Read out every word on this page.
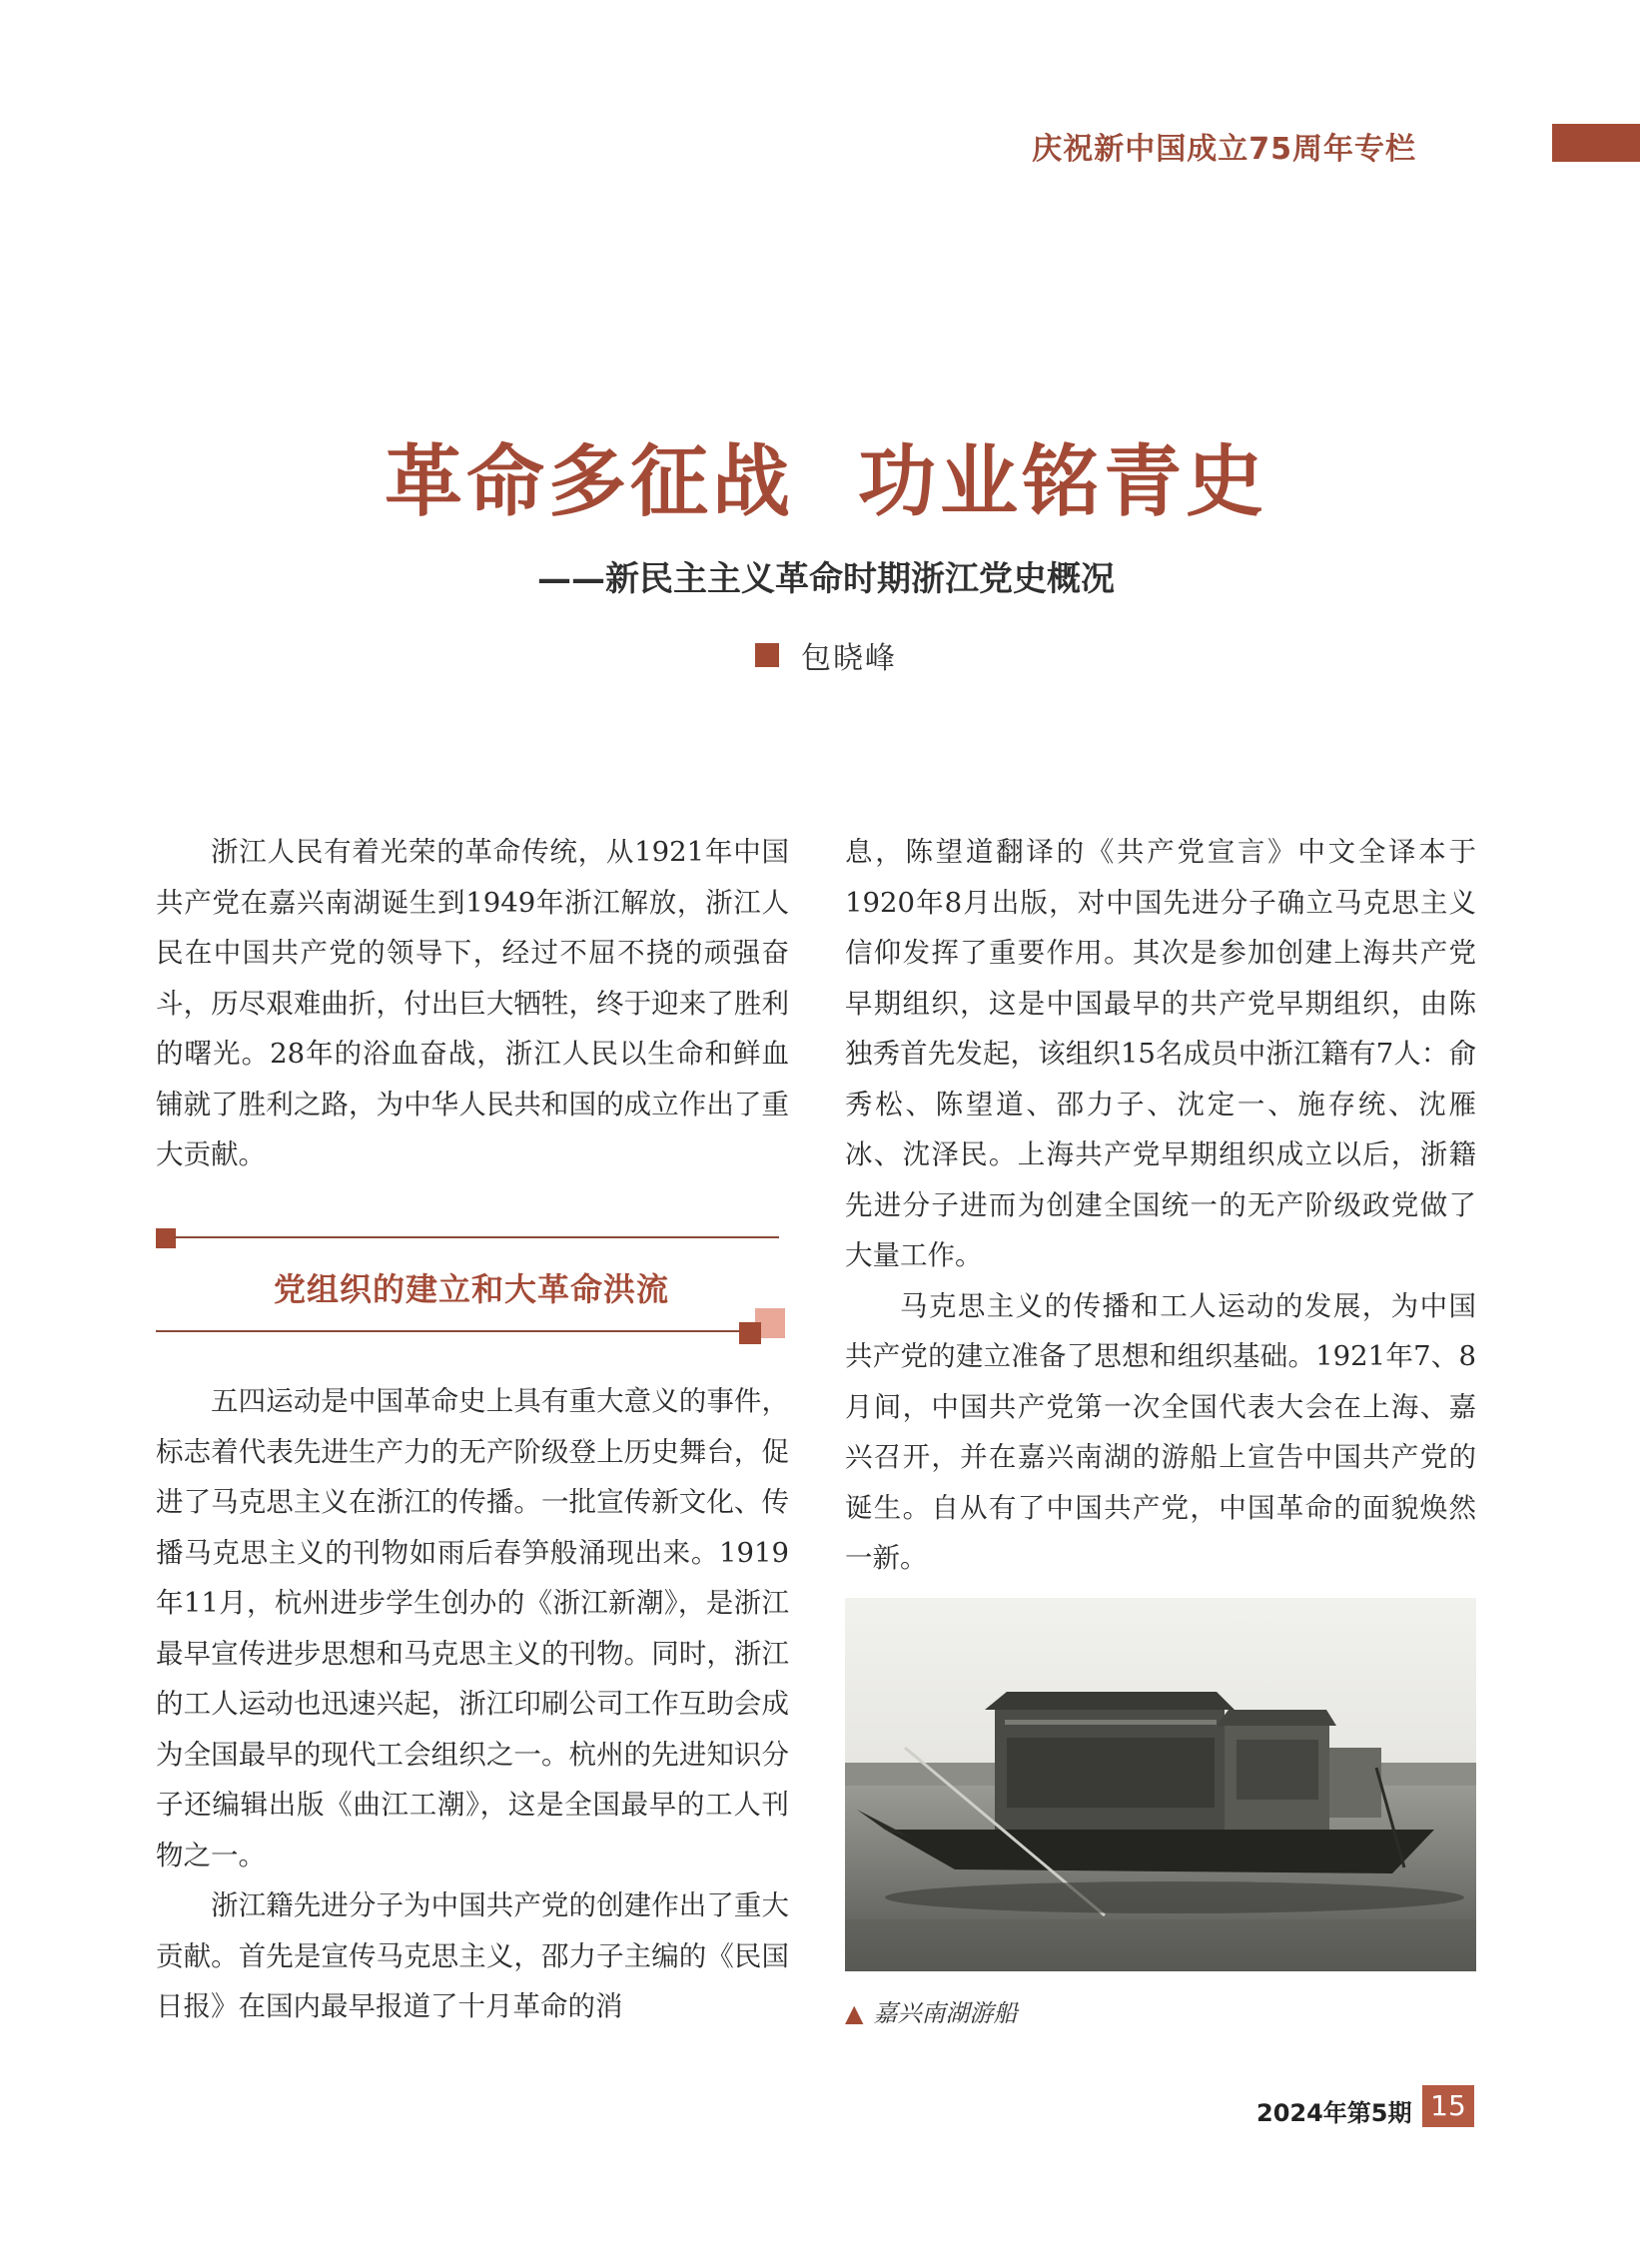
庆祝新中国成立75周年专栏
革命多征战 功业铭青史
——新民主主义革命时期浙江党史概况
包晓峰

浙江人民有着光荣的革命传统，从1921年中国共产党在嘉兴南湖诞生到1949年浙江解放，浙江人民在中国共产党的领导下，经过不屈不挠的顽强奋斗，历尽艰难曲折，付出巨大牺牲，终于迎来了胜利的曙光。28年的浴血奋战，浙江人民以生命和鲜血铺就了胜利之路，为中华人民共和国的成立作出了重大贡献。

党组织的建立和大革命洪流

五四运动是中国革命史上具有重大意义的事件，标志着代表先进生产力的无产阶级登上历史舞台，促进了马克思主义在浙江的传播。一批宣传新文化、传播马克思主义的刊物如雨后春笋般涌现出来。1919年11月，杭州进步学生创办的《浙江新潮》，是浙江最早宣传进步思想和马克思主义的刊物。同时，浙江的工人运动也迅速兴起，浙江印刷公司工作互助会成为全国最早的现代工会组织之一。杭州的先进知识分子还编辑出版《曲江工潮》，这是全国最早的工人刊物之一。

浙江籍先进分子为中国共产党的创建作出了重大贡献。首先是宣传马克思主义，邵力子主编的《民国日报》在国内最早报道了十月革命的消

息，陈望道翻译的《共产党宣言》中文全译本于1920年8月出版，对中国先进分子确立马克思主义信仰发挥了重要作用。其次是参加创建上海共产党早期组织，这是中国最早的共产党早期组织，由陈独秀首先发起，该组织15名成员中浙江籍有7人：俞秀松、陈望道、邵力子、沈定一、施存统、沈雁冰、沈泽民。上海共产党早期组织成立以后，浙籍先进分子进而为创建全国统一的无产阶级政党做了大量工作。

马克思主义的传播和工人运动的发展，为中国共产党的建立准备了思想和组织基础。1921年7、8月间，中国共产党第一次全国代表大会在上海、嘉兴召开，并在嘉兴南湖的游船上宣告中国共产党的诞生。自从有了中国共产党，中国革命的面貌焕然一新。

▲ 嘉兴南湖游船
2024年第5期 15
